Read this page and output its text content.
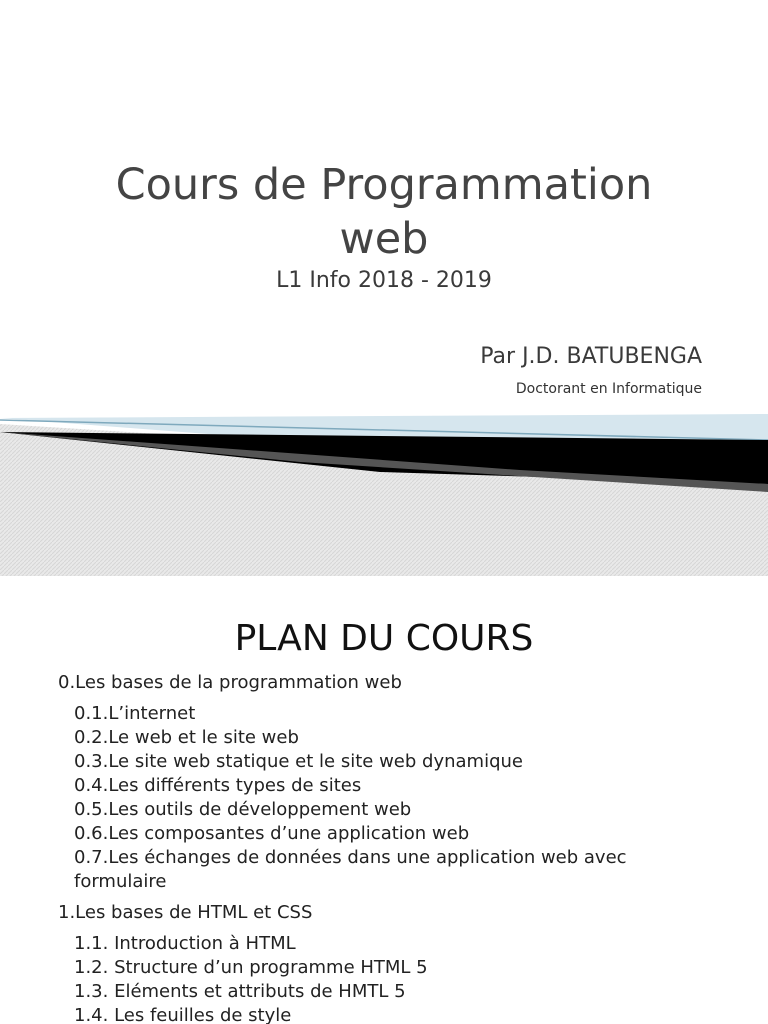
Cours de Programmation
web
L1 Info 2018 - 2019
Par J.D. BATUBENGA
Doctorant en Informatique
PLAN DU COURS
0.Les bases de la programmation web
0.1.L’internet
0.2.Le web et le site web
0.3.Le site web statique et le site web dynamique
0.4.Les différents types de sites
0.5.Les outils de développement web
0.6.Les composantes d’une application web
0.7.Les échanges de données dans une application web avec
formulaire
1.Les bases de HTML et CSS
1.1. Introduction à HTML
1.2. Structure d’un programme HTML 5
1.3. Eléments et attributs de HMTL 5
1.4. Les feuilles de style
